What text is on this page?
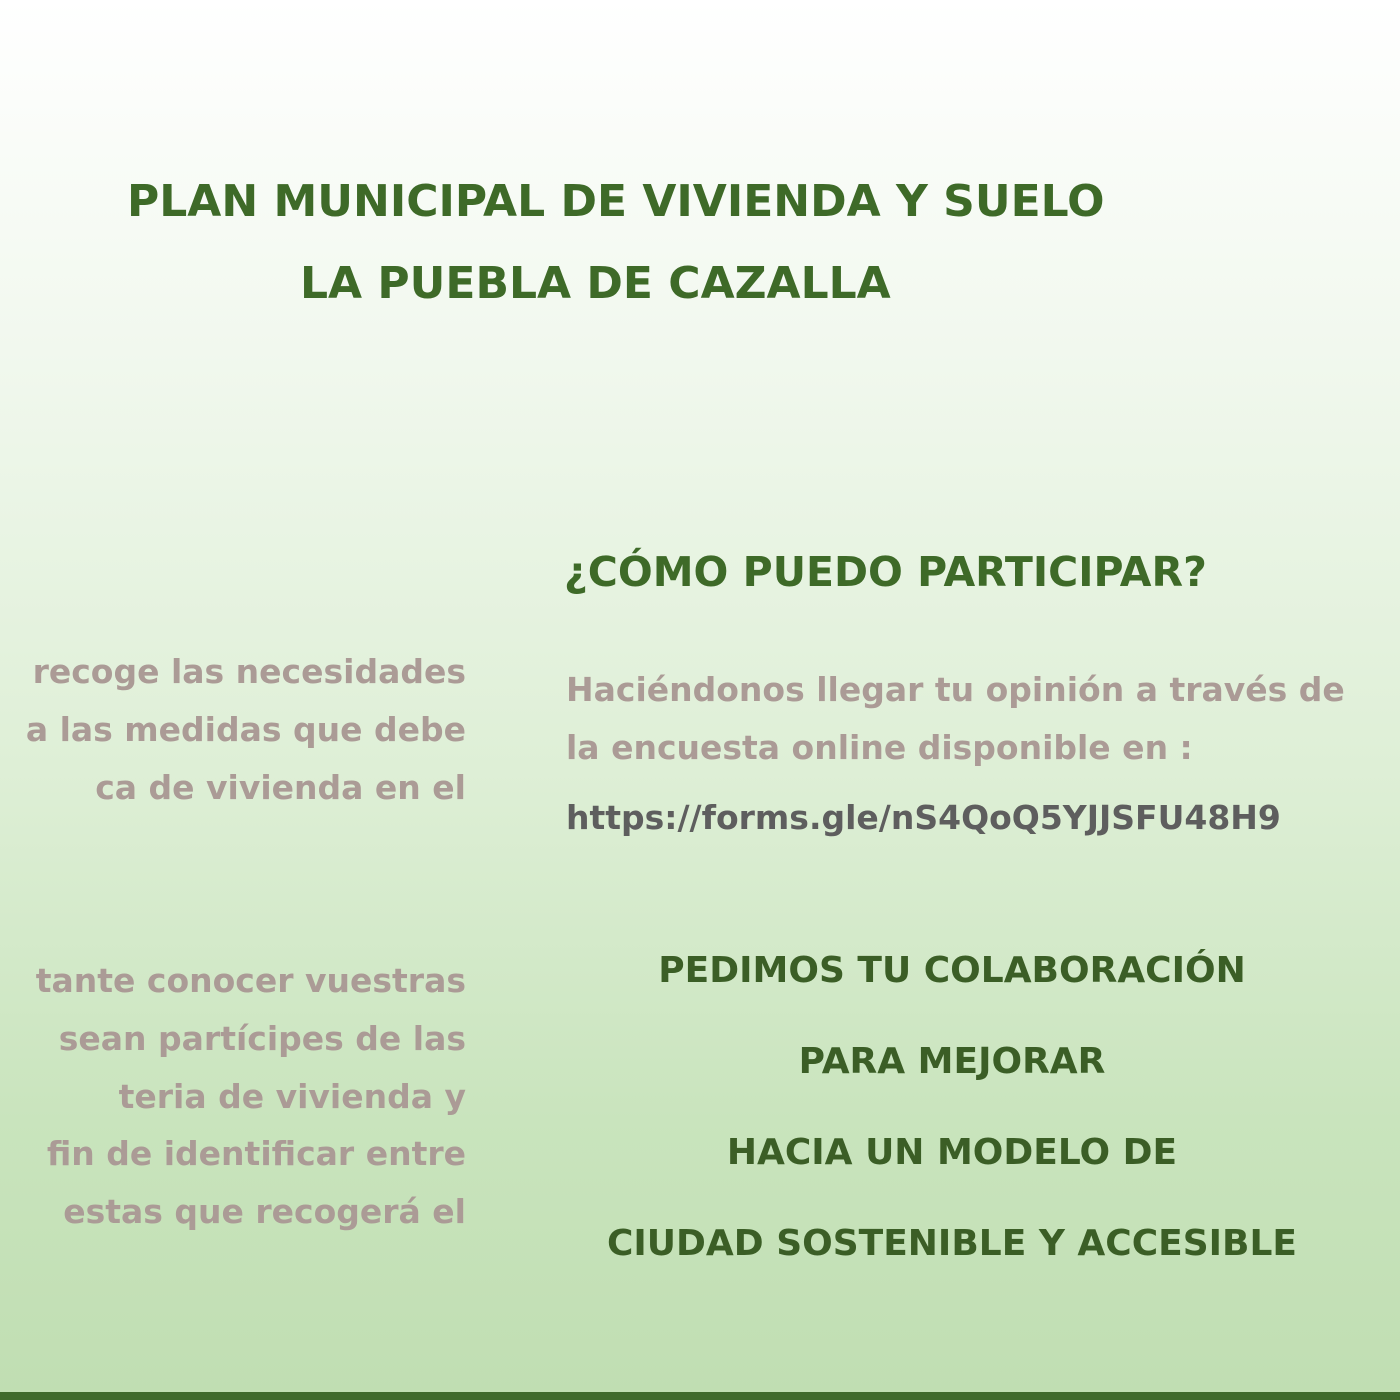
PLAN MUNICIPAL DE VIVIENDA Y SUELO
LA PUEBLA DE CAZALLA

recoge las necesidades

a las medidas que debe

ca de vivienda en el

tante conocer vuestras

sean partícipes de las

teria de vivienda y

fin de identificar entre

estas que recogerá el

¿CÓMO PUEDO PARTICIPAR?

Haciéndonos llegar tu opinión a través de

la encuesta online disponible en :

https://forms.gle/nS4QoQ5YJJSFU48H9

PEDIMOS TU COLABORACIÓN

PARA MEJORAR

HACIA UN MODELO DE

CIUDAD SOSTENIBLE Y ACCESIBLE
